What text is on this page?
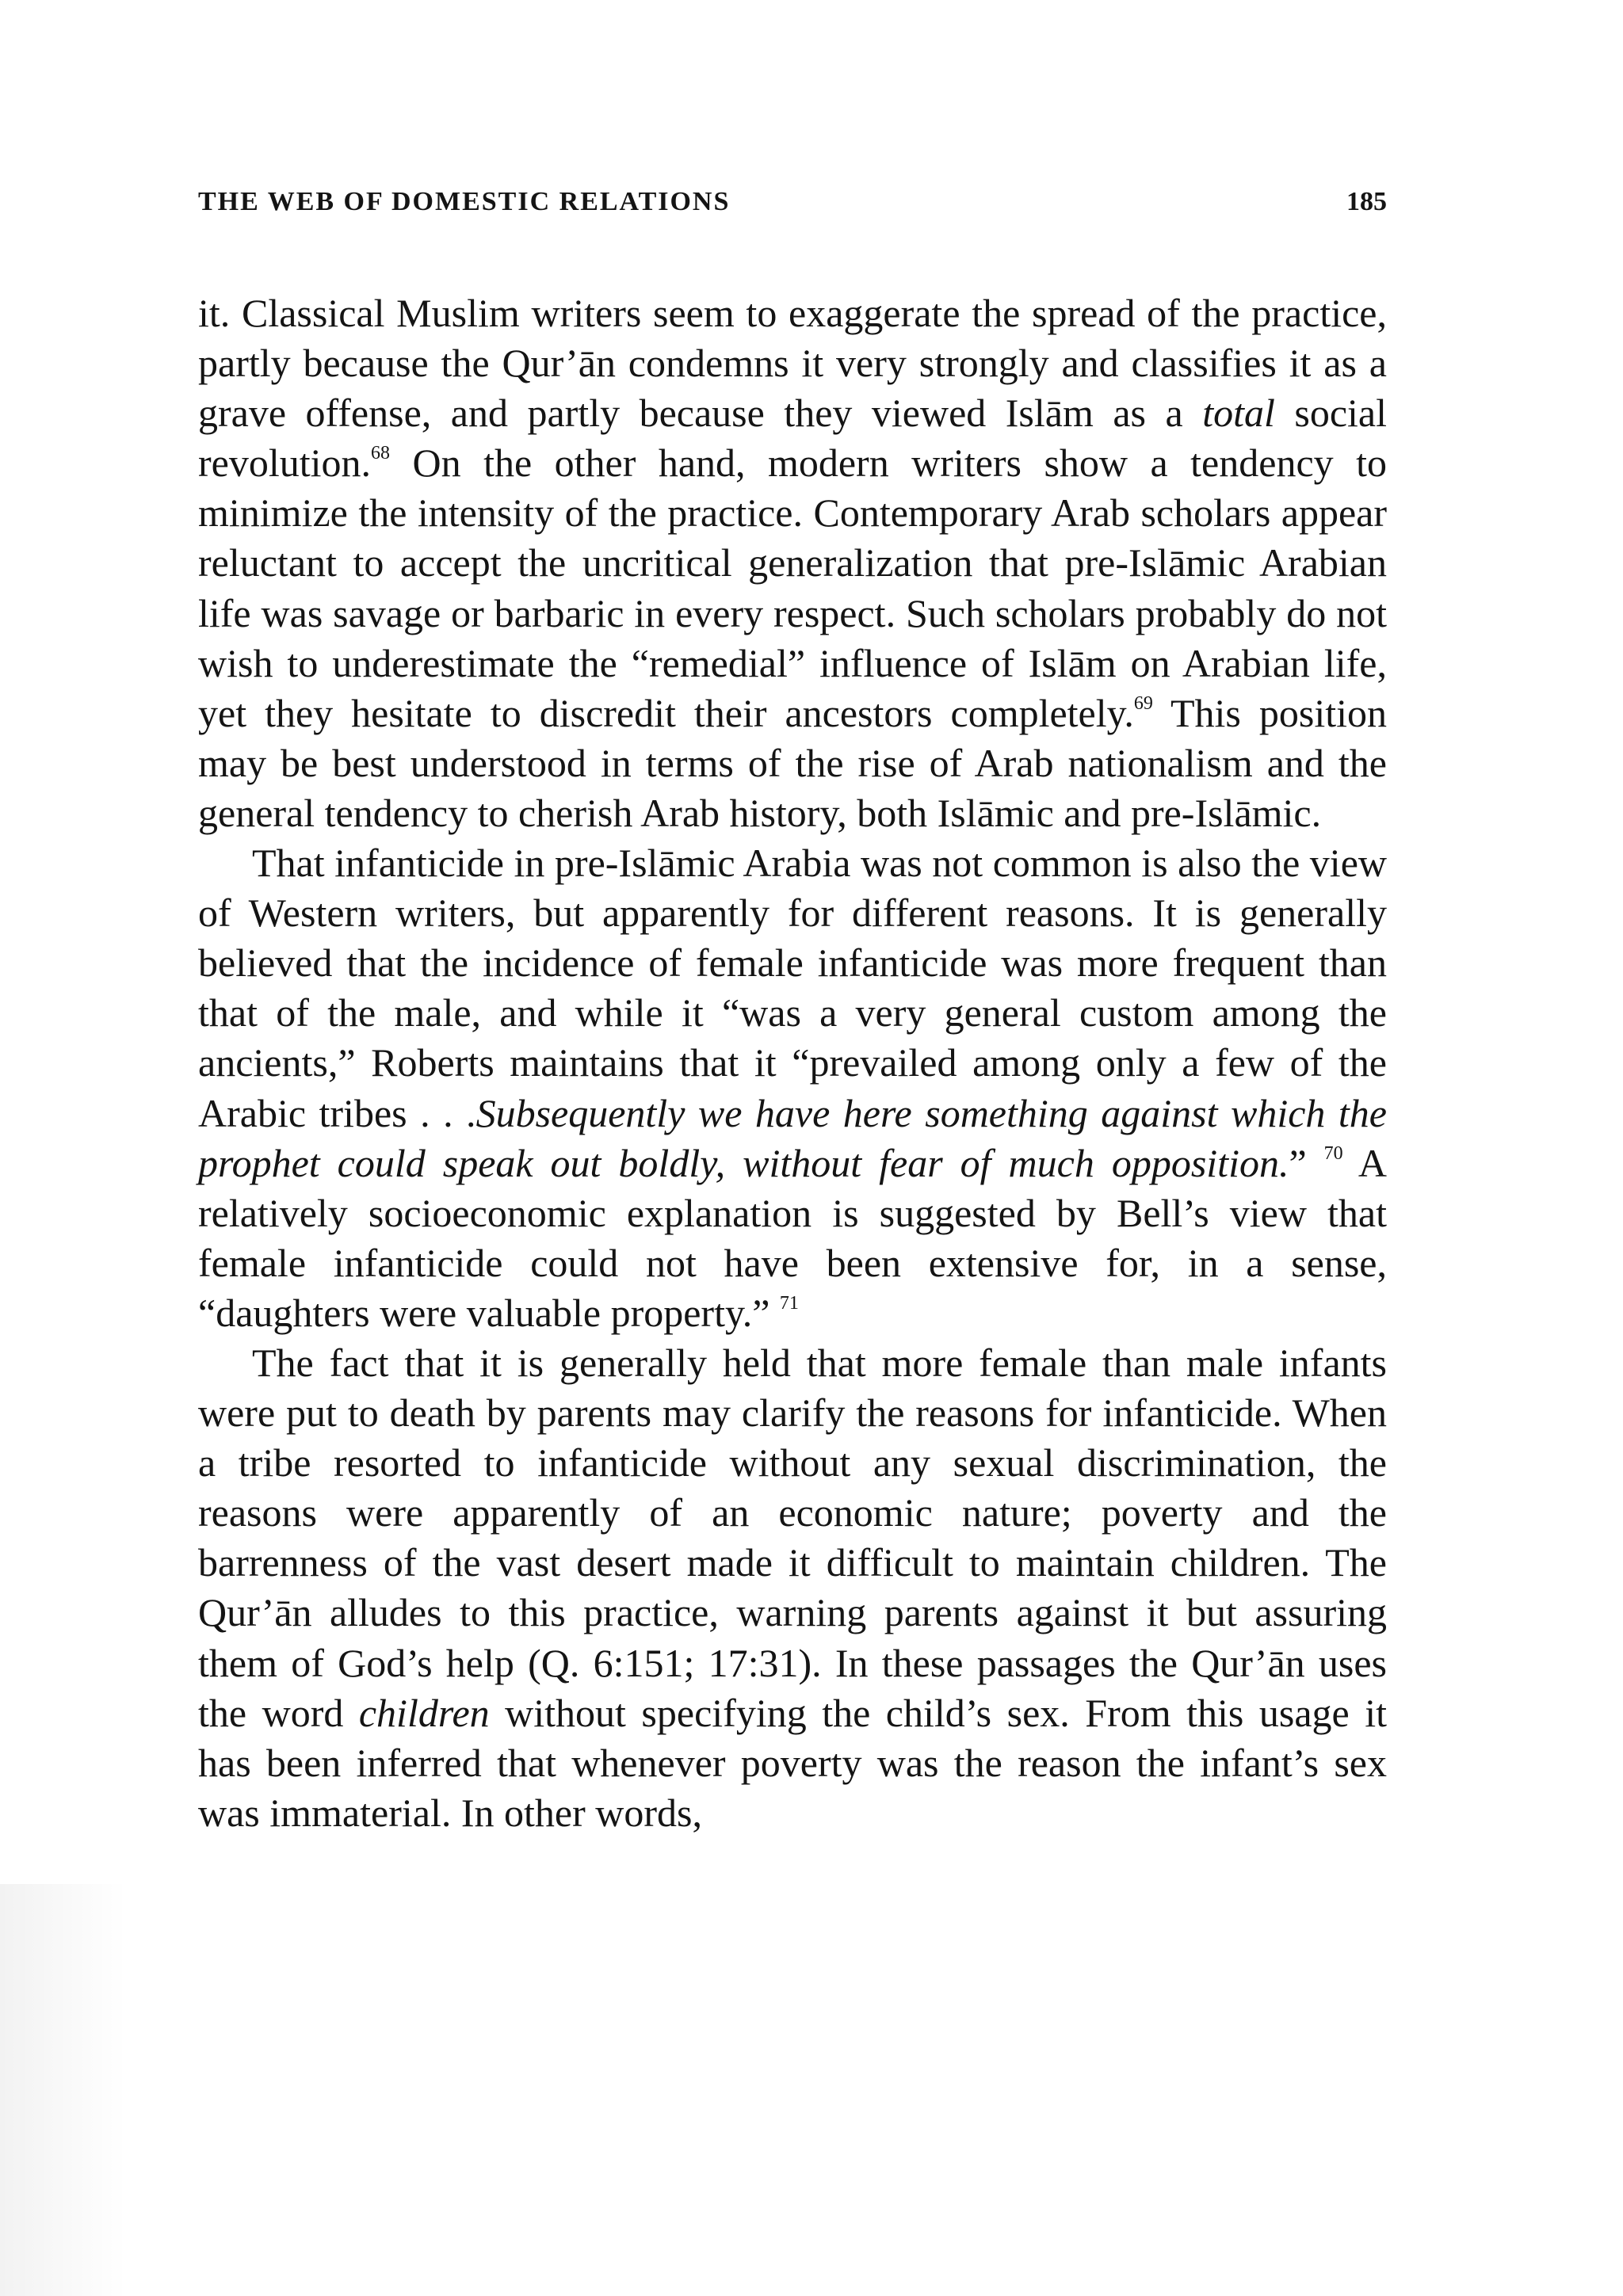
THE WEB OF DOMESTIC RELATIONS	185

it. Classical Muslim writers seem to exaggerate the spread of the practice, partly because the Qur’ān condemns it very strongly and classifies it as a grave offense, and partly because they viewed Islām as a total social revolution.$^{68}$ On the other hand, modern writers show a tendency to minimize the intensity of the practice. Contemporary Arab scholars appear reluctant to accept the uncritical generalization that pre-Islāmic Arabian life was savage or barbaric in every respect. Such scholars probably do not wish to underestimate the “remedial” influence of Islām on Arabian life, yet they hesitate to discredit their ancestors completely.$^{69}$ This position may be best understood in terms of the rise of Arab nationalism and the general tendency to cherish Arab history, both Islāmic and pre-Islāmic.

That infanticide in pre-Islāmic Arabia was not common is also the view of Western writers, but apparently for different reasons. It is generally believed that the incidence of female infanticide was more frequent than that of the male, and while it “was a very general custom among the ancients,” Roberts maintains that it “prevailed among only a few of the Arabic tribes . . .Subsequently we have here something against which the prophet could speak out boldly, without fear of much opposition.” $^{70}$ A relatively socioeconomic explanation is suggested by Bell’s view that female infanticide could not have been extensive for, in a sense, “daughters were valuable property.” $^{71}$

The fact that it is generally held that more female than male infants were put to death by parents may clarify the reasons for infanticide. When a tribe resorted to infanticide without any sexual discrimination, the reasons were apparently of an economic nature; poverty and the barrenness of the vast desert made it difficult to maintain children. The Qur’ān alludes to this practice, warning parents against it but assuring them of God’s help (Q. 6:151; 17:31). In these passages the Qur’ān uses the word children without specifying the child’s sex. From this usage it has been inferred that whenever poverty was the reason the infant’s sex was immaterial. In other words,
